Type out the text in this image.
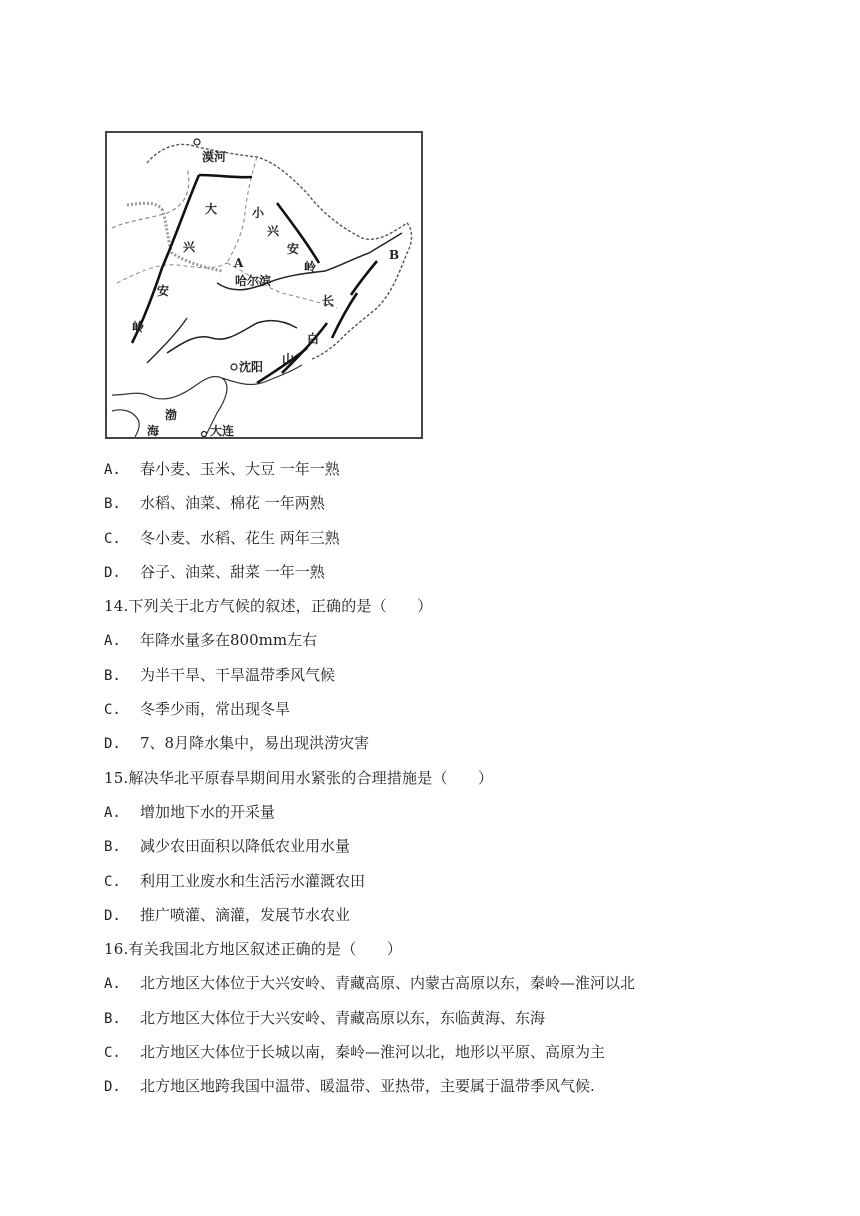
漠河
大
兴
安
岭
小
兴
安
岭
A
哈尔滨
B
长
白
山
沈阳
渤
海	大连
A. 春小麦、玉米、大豆 一年一熟
B. 水稻、油菜、棉花 一年两熟
C. 冬小麦、水稻、花生 两年三熟
D. 谷子、油菜、甜菜 一年一熟
14.下列关于北方气候的叙述，正确的是（　　）
A. 年降水量多在800mm左右
B. 为半干旱、干旱温带季风气候
C. 冬季少雨，常出现冬旱
D. 7、8月降水集中，易出现洪涝灾害
15.解决华北平原春旱期间用水紧张的合理措施是（　　）
A. 增加地下水的开采量
B. 减少农田面积以降低农业用水量
C. 利用工业废水和生活污水灌溉农田
D. 推广喷灌、滴灌，发展节水农业
16.有关我国北方地区叙述正确的是（　　）
A. 北方地区大体位于大兴安岭、青藏高原、内蒙古高原以东，秦岭—淮河以北
B. 北方地区大体位于大兴安岭、青藏高原以东，东临黄海、东海
C. 北方地区大体位于长城以南，秦岭—淮河以北，地形以平原、高原为主
D. 北方地区地跨我国中温带、暖温带、亚热带，主要属于温带季风气候.
